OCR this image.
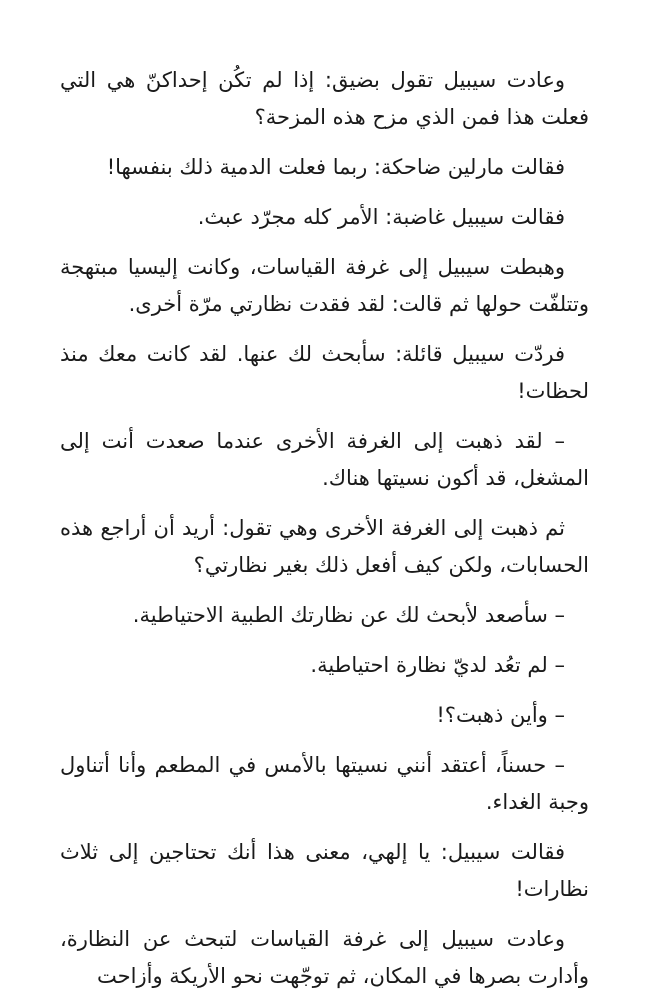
وعادت سيبيل تقول بضيق: إذا لم تكُن إحداكنّ هي التي فعلت هذا فمن الذي مزح هذه المزحة؟

فقالت مارلين ضاحكة: ربما فعلت الدمية ذلك بنفسها!

فقالت سيبيل غاضبة: الأمر كله مجرّد عبث.

وهبطت سيبيل إلى غرفة القياسات، وكانت إليسيا مبتهجة وتتلفّت حولها ثم قالت: لقد فقدت نظارتي مرّة أخرى.

فردّت سيبيل قائلة: سأبحث لك عنها. لقد كانت معك منذ لحظات!

– لقد ذهبت إلى الغرفة الأخرى عندما صعدت أنت إلى المشغل، قد أكون نسيتها هناك.

ثم ذهبت إلى الغرفة الأخرى وهي تقول: أريد أن أراجع هذه الحسابات، ولكن كيف أفعل ذلك بغير نظارتي؟

– سأصعد لأبحث لك عن نظارتك الطبية الاحتياطية.

– لم تعُد لديّ نظارة احتياطية.

– وأين ذهبت؟!

– حسناً، أعتقد أنني نسيتها بالأمس في المطعم وأنا أتناول وجبة الغداء.

فقالت سيبيل: يا إلهي، معنى هذا أنك تحتاجين إلى ثلاث نظارات!

وعادت سيبيل إلى غرفة القياسات لتبحث عن النظارة، وأدارت بصرها في المكان، ثم توجّهت نحو الأريكة وأزاحت
